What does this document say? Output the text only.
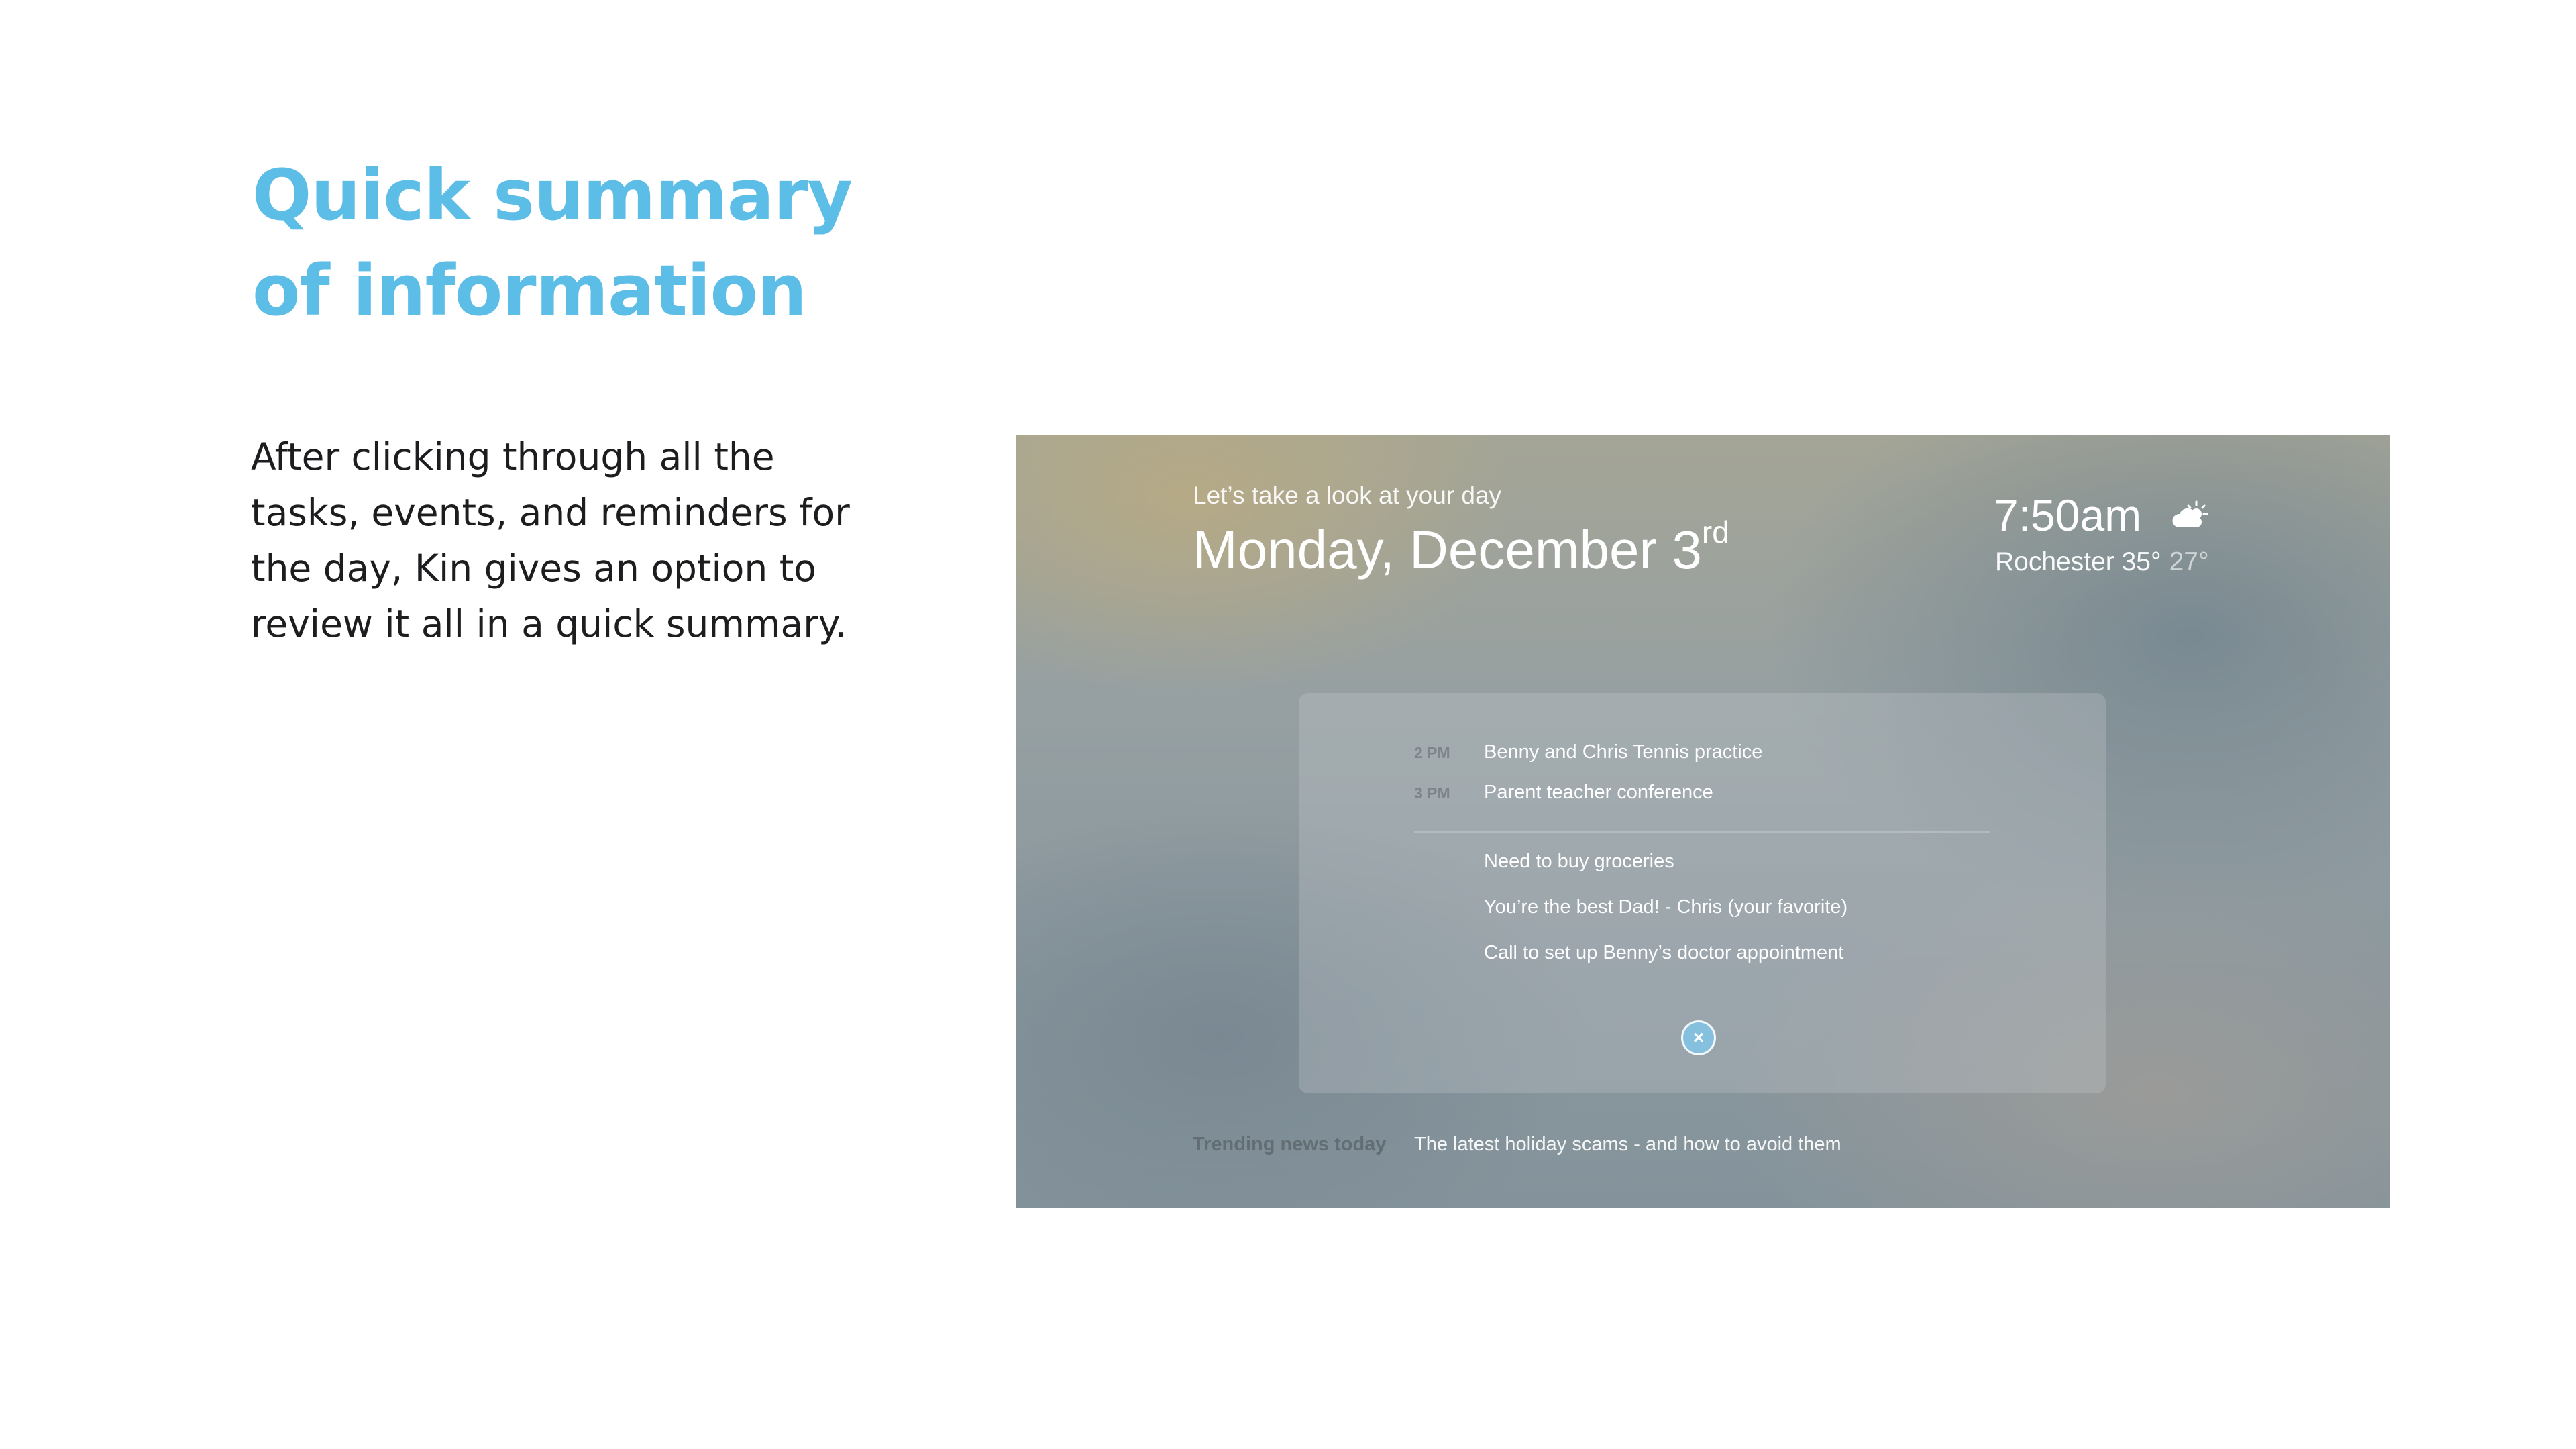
Quick summary
of information

After clicking through all the
tasks, events, and reminders for
the day, Kin gives an option to
review it all in a quick summary.

Let’s take a look at your day
Monday, December 3rd	7:50am
Rochester 35° 27°
2 PM Benny and Chris Tennis practice
3 PM Parent teacher conference
Need to buy groceries
You’re the best Dad! - Chris (your favorite)
Call to set up Benny’s doctor appointment
×
Trending news today The latest holiday scams - and how to avoid them
